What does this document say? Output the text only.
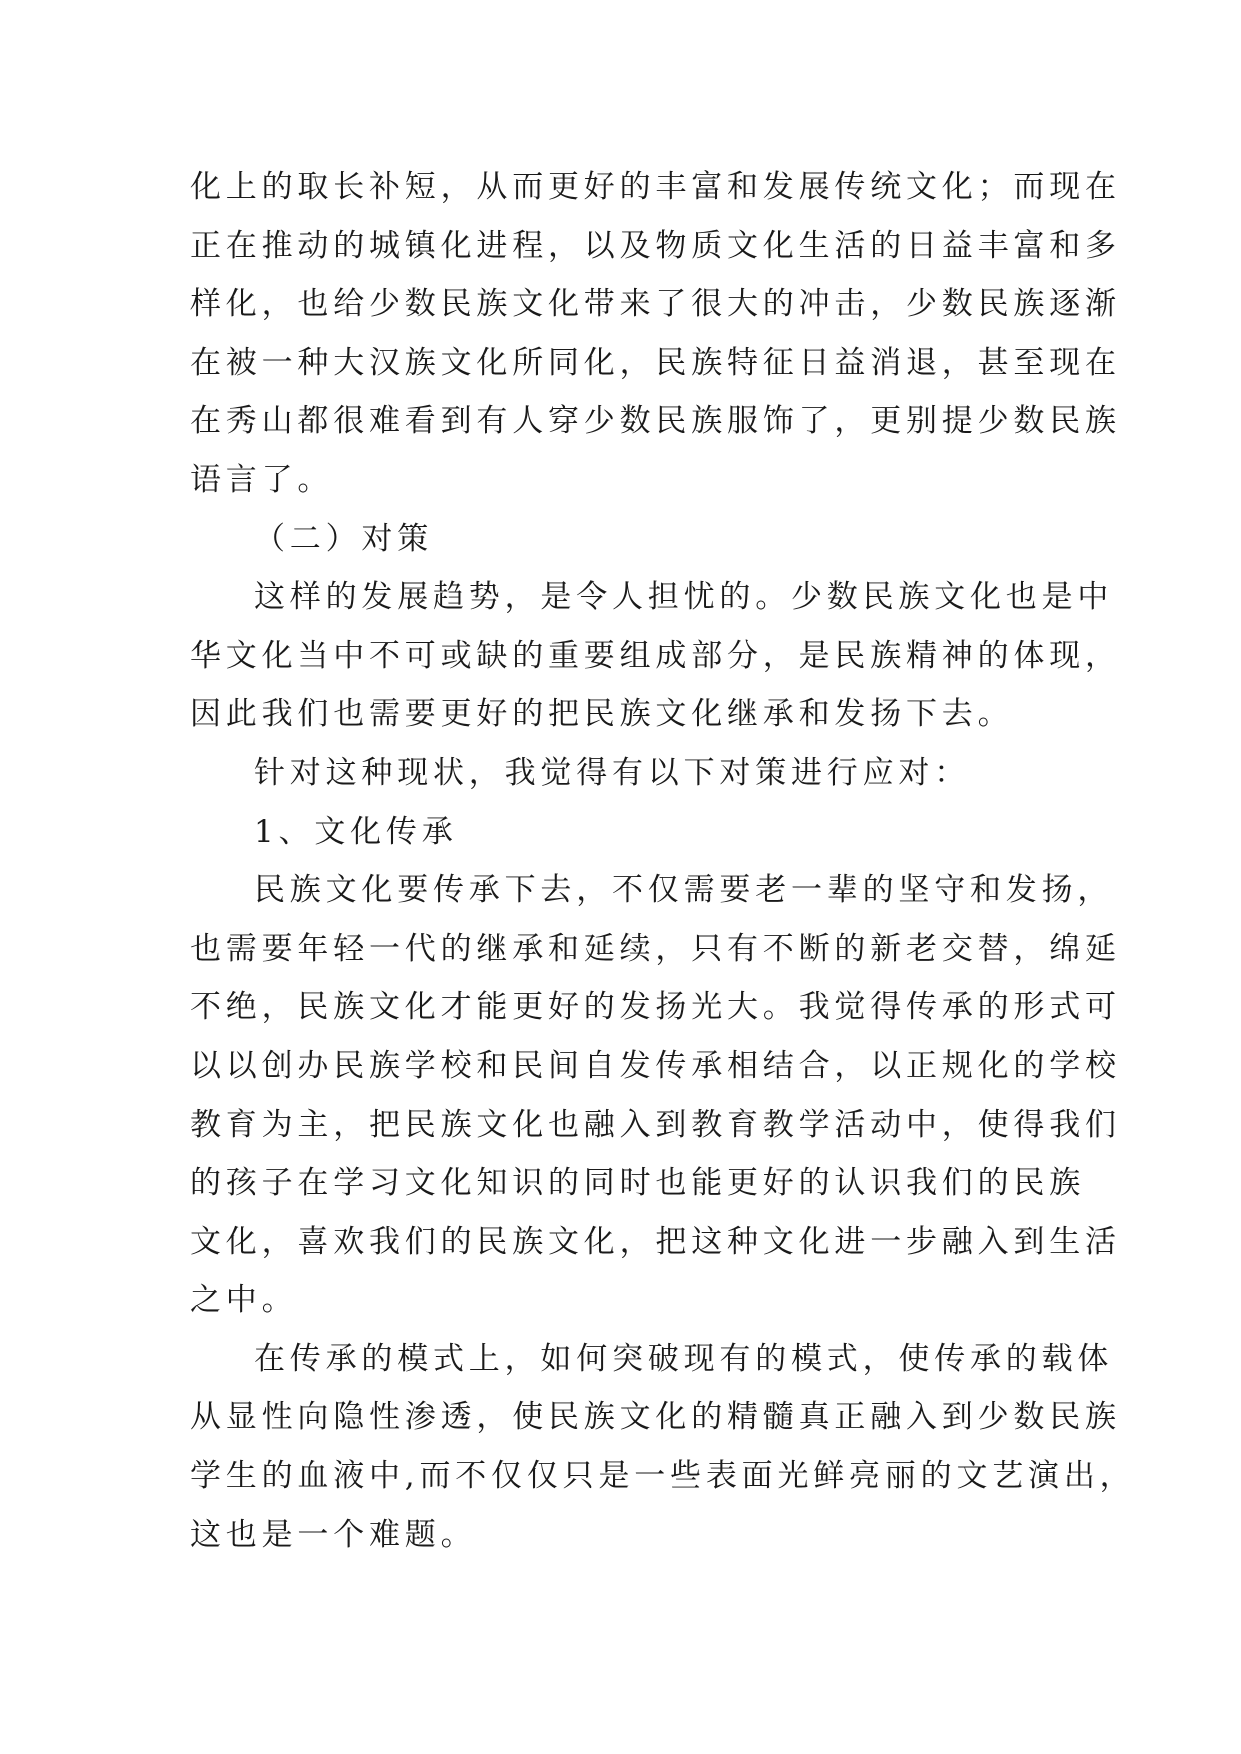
化上的取长补短，从而更好的丰富和发展传统文化；而现在
正在推动的城镇化进程，以及物质文化生活的日益丰富和多
样化，也给少数民族文化带来了很大的冲击，少数民族逐渐
在被一种大汉族文化所同化，民族特征日益消退，甚至现在
在秀山都很难看到有人穿少数民族服饰了，更别提少数民族
语言了。
（二）对策
这样的发展趋势，是令人担忧的。少数民族文化也是中
华文化当中不可或缺的重要组成部分，是民族精神的体现，
因此我们也需要更好的把民族文化继承和发扬下去。
针对这种现状，我觉得有以下对策进行应对：
1、文化传承
民族文化要传承下去，不仅需要老一辈的坚守和发扬，
也需要年轻一代的继承和延续，只有不断的新老交替，绵延
不绝，民族文化才能更好的发扬光大。我觉得传承的形式可
以以创办民族学校和民间自发传承相结合，以正规化的学校
教育为主，把民族文化也融入到教育教学活动中，使得我们
的孩子在学习文化知识的同时也能更好的认识我们的民族
文化，喜欢我们的民族文化，把这种文化进一步融入到生活
之中。
在传承的模式上，如何突破现有的模式，使传承的载体
从显性向隐性渗透，使民族文化的精髓真正融入到少数民族
学生的血液中,而不仅仅只是一些表面光鲜亮丽的文艺演出，
这也是一个难题。
